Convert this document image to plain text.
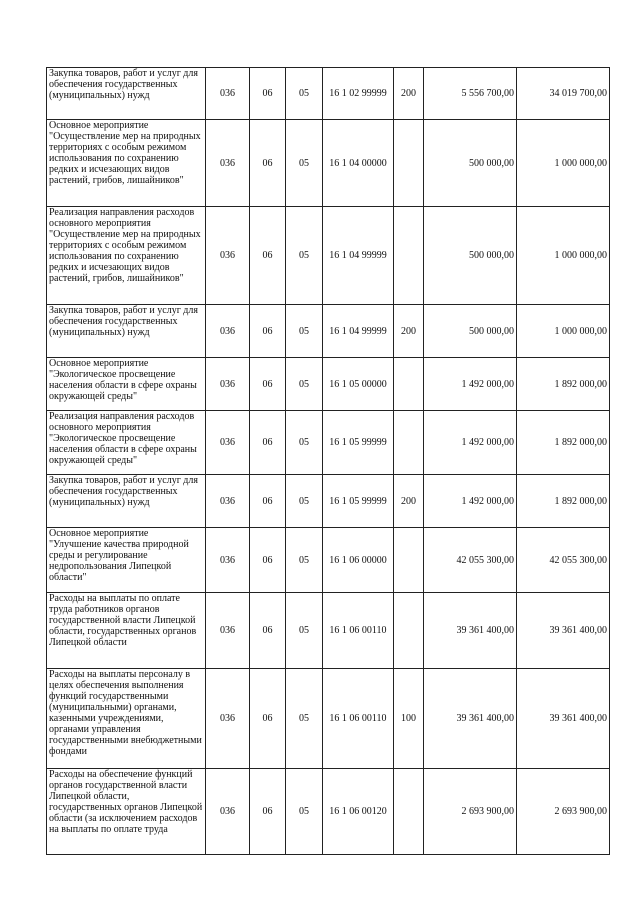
Закупка товаров, работ и услуг для обеспечения государственных (муниципальных) нужд	036	06	05	16 1 02 99999	200	5 556 700,00	34 019 700,00
Основное мероприятие "Осуществление мер на природных территориях с особым режимом использования по сохранению редких и исчезающих видов растений, грибов, лишайников"	036	06	05	16 1 04 00000		500 000,00	1 000 000,00
Реализация направления расходов основного мероприятия "Осуществление мер на природных территориях с особым режимом использования по сохранению редких и исчезающих видов растений, грибов, лишайников"	036	06	05	16 1 04 99999		500 000,00	1 000 000,00
Закупка товаров, работ и услуг для обеспечения государственных (муниципальных) нужд	036	06	05	16 1 04 99999	200	500 000,00	1 000 000,00
Основное мероприятие "Экологическое просвещение населения области в сфере охраны окружающей среды"	036	06	05	16 1 05 00000		1 492 000,00	1 892 000,00
Реализация направления расходов основного мероприятия "Экологическое просвещение населения области в сфере охраны окружающей среды"	036	06	05	16 1 05 99999		1 492 000,00	1 892 000,00
Закупка товаров, работ и услуг для обеспечения государственных (муниципальных) нужд	036	06	05	16 1 05 99999	200	1 492 000,00	1 892 000,00
Основное мероприятие "Улучшение качества природной среды и регулирование недропользования Липецкой области"	036	06	05	16 1 06 00000		42 055 300,00	42 055 300,00
Расходы на выплаты по оплате труда работников органов государственной власти Липецкой области, государственных органов Липецкой области	036	06	05	16 1 06 00110		39 361 400,00	39 361 400,00
Расходы на выплаты персоналу в целях обеспечения выполнения функций государственными (муниципальными) органами, казенными учреждениями, органами управления государственными внебюджетными фондами	036	06	05	16 1 06 00110	100	39 361 400,00	39 361 400,00
Расходы на обеспечение функций органов государственной власти Липецкой области, государственных органов Липецкой области (за исключением расходов на выплаты по оплате труда	036	06	05	16 1 06 00120		2 693 900,00	2 693 900,00
